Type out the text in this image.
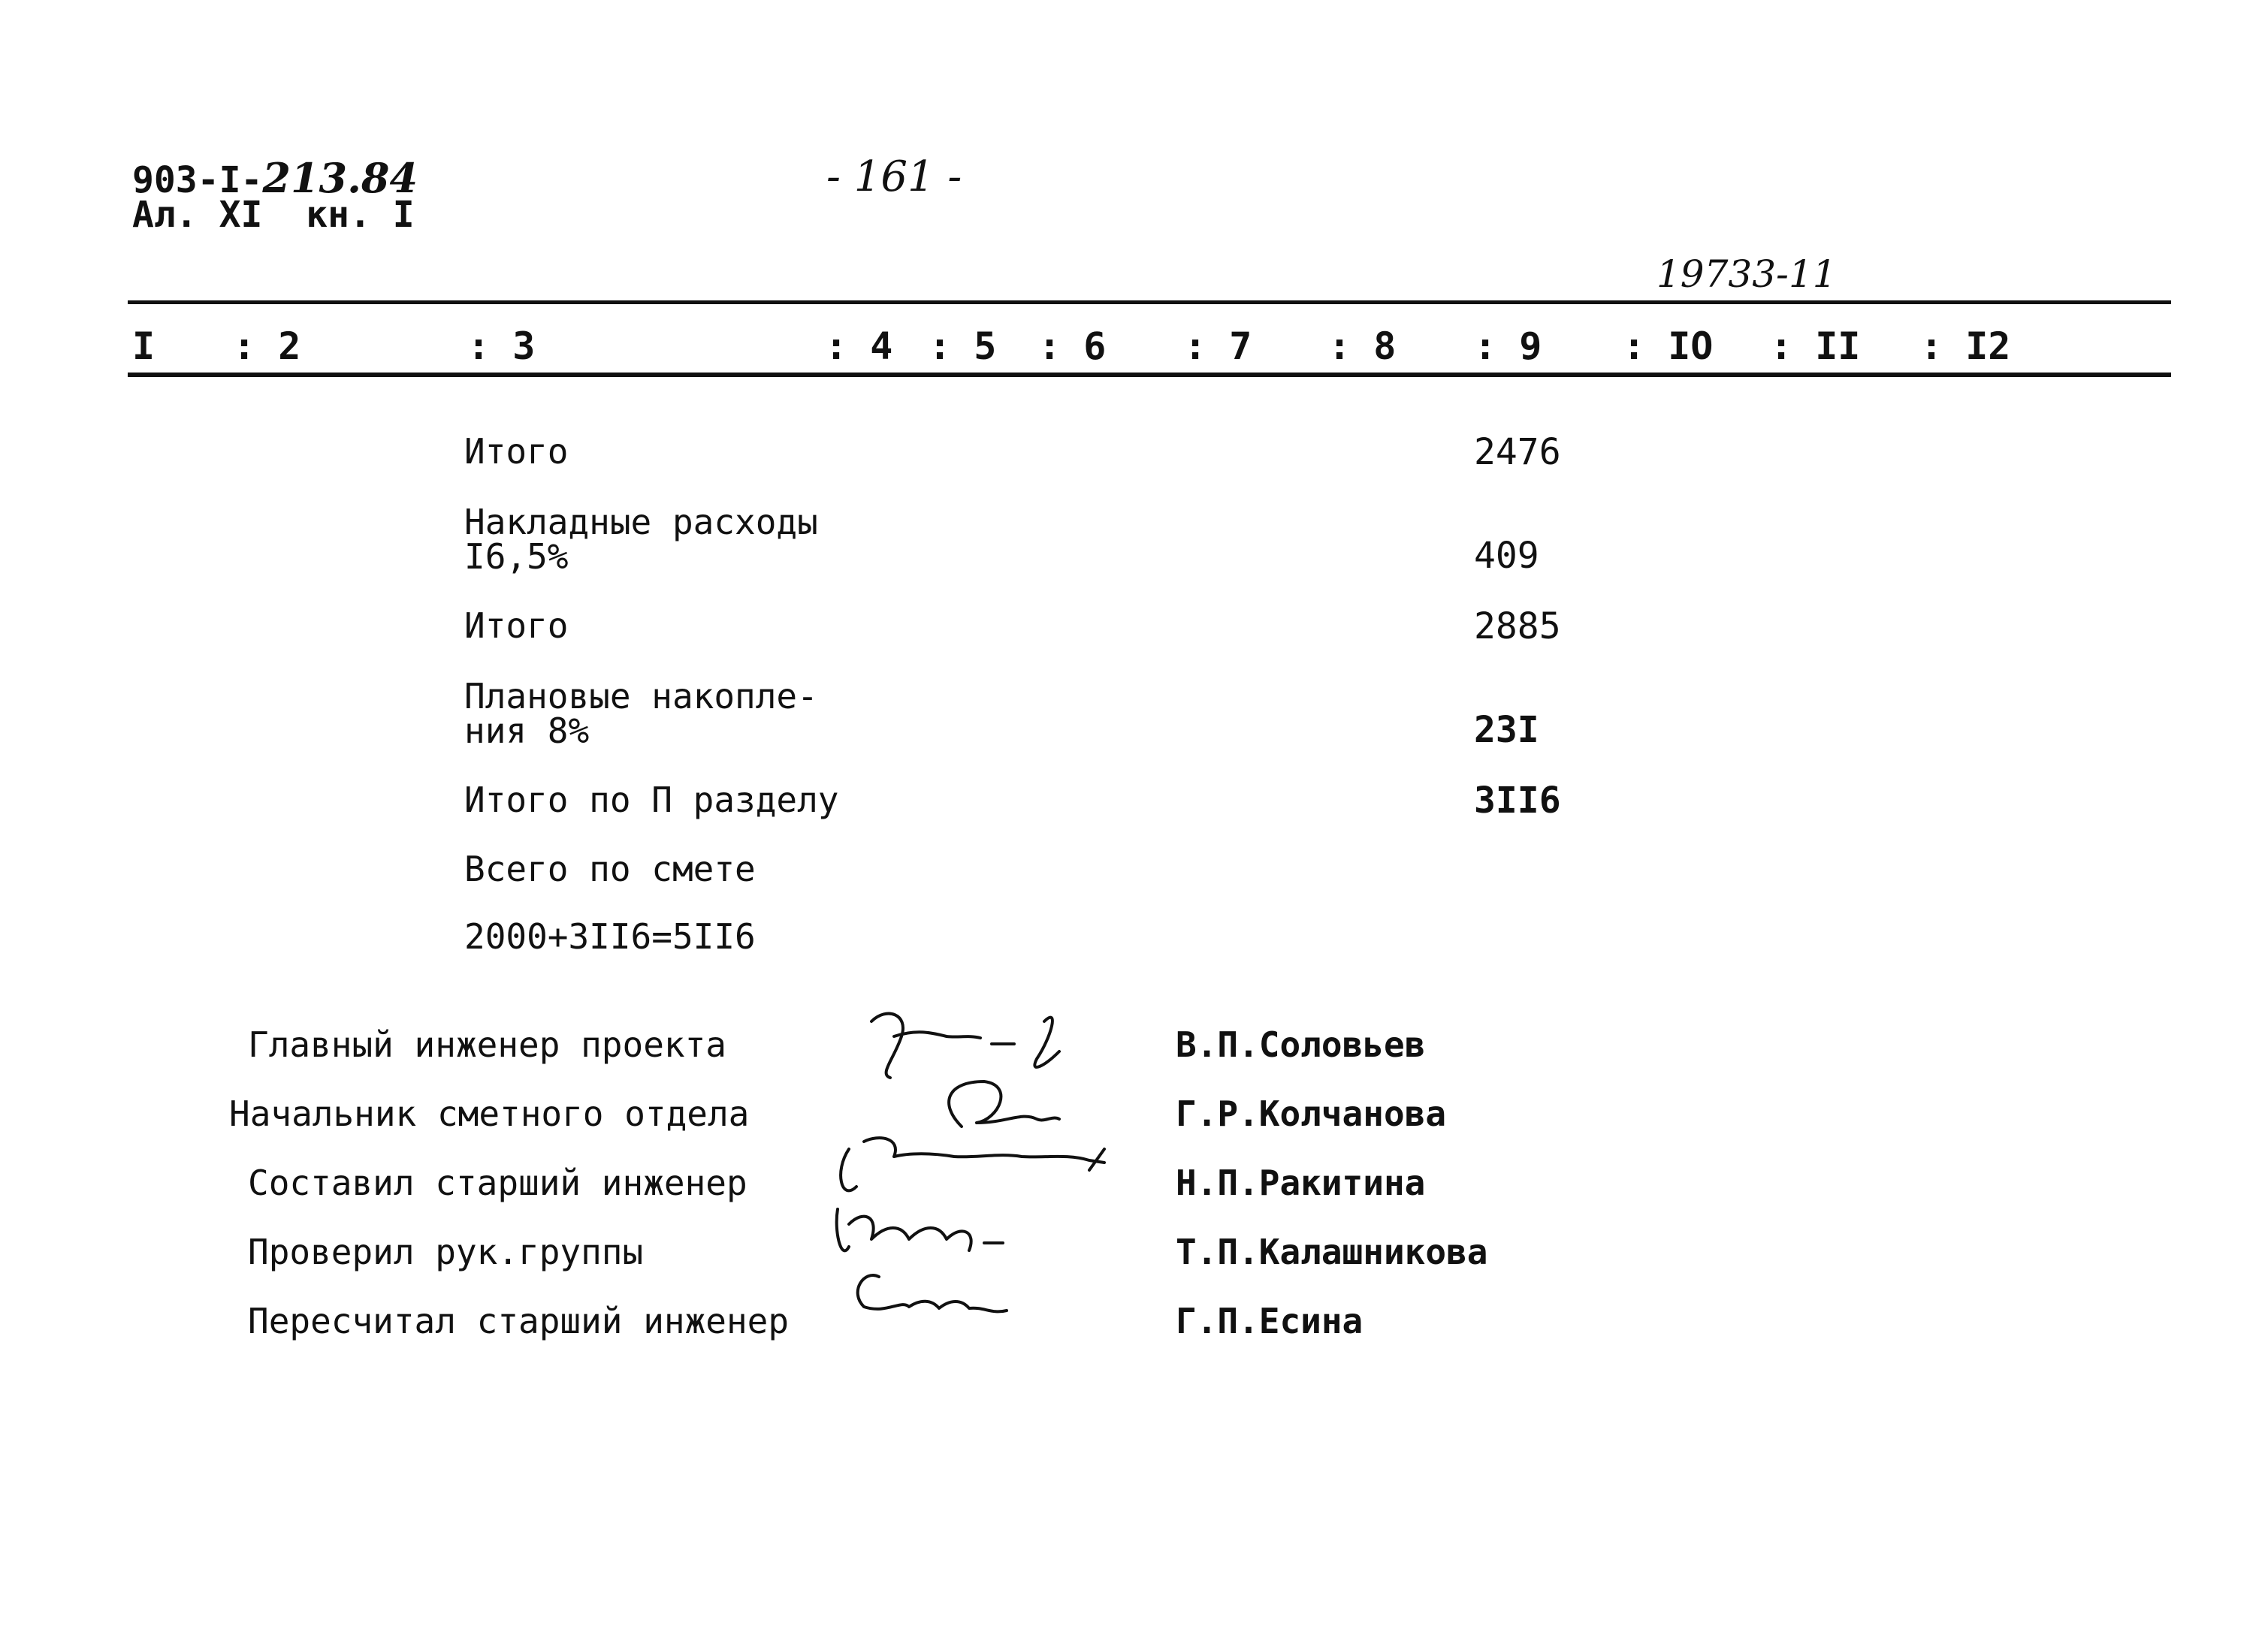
903-I-213.84
Ал. XI  кн. I
- 161 -
19733-11
I : 2	: 3	: 4 : 5 : 6 : 7 : 8 : 9 : IO : II : I2
Итого	2476
Накладные расходы
I6,5%	409
Итого	2885
Плановые накопле-
ния 8%	23I
Итого по П разделу	3II6
Всего по смете
2000+3II6=5II6
Главный инженер проекта	В.П.Соловьев
Начальник сметного отдела	Г.Р.Колчанова
Составил старший инженер	Н.П.Ракитина
Проверил рук.группы	Т.П.Калашникова
Пересчитал старший инженер	Г.П.Есина
